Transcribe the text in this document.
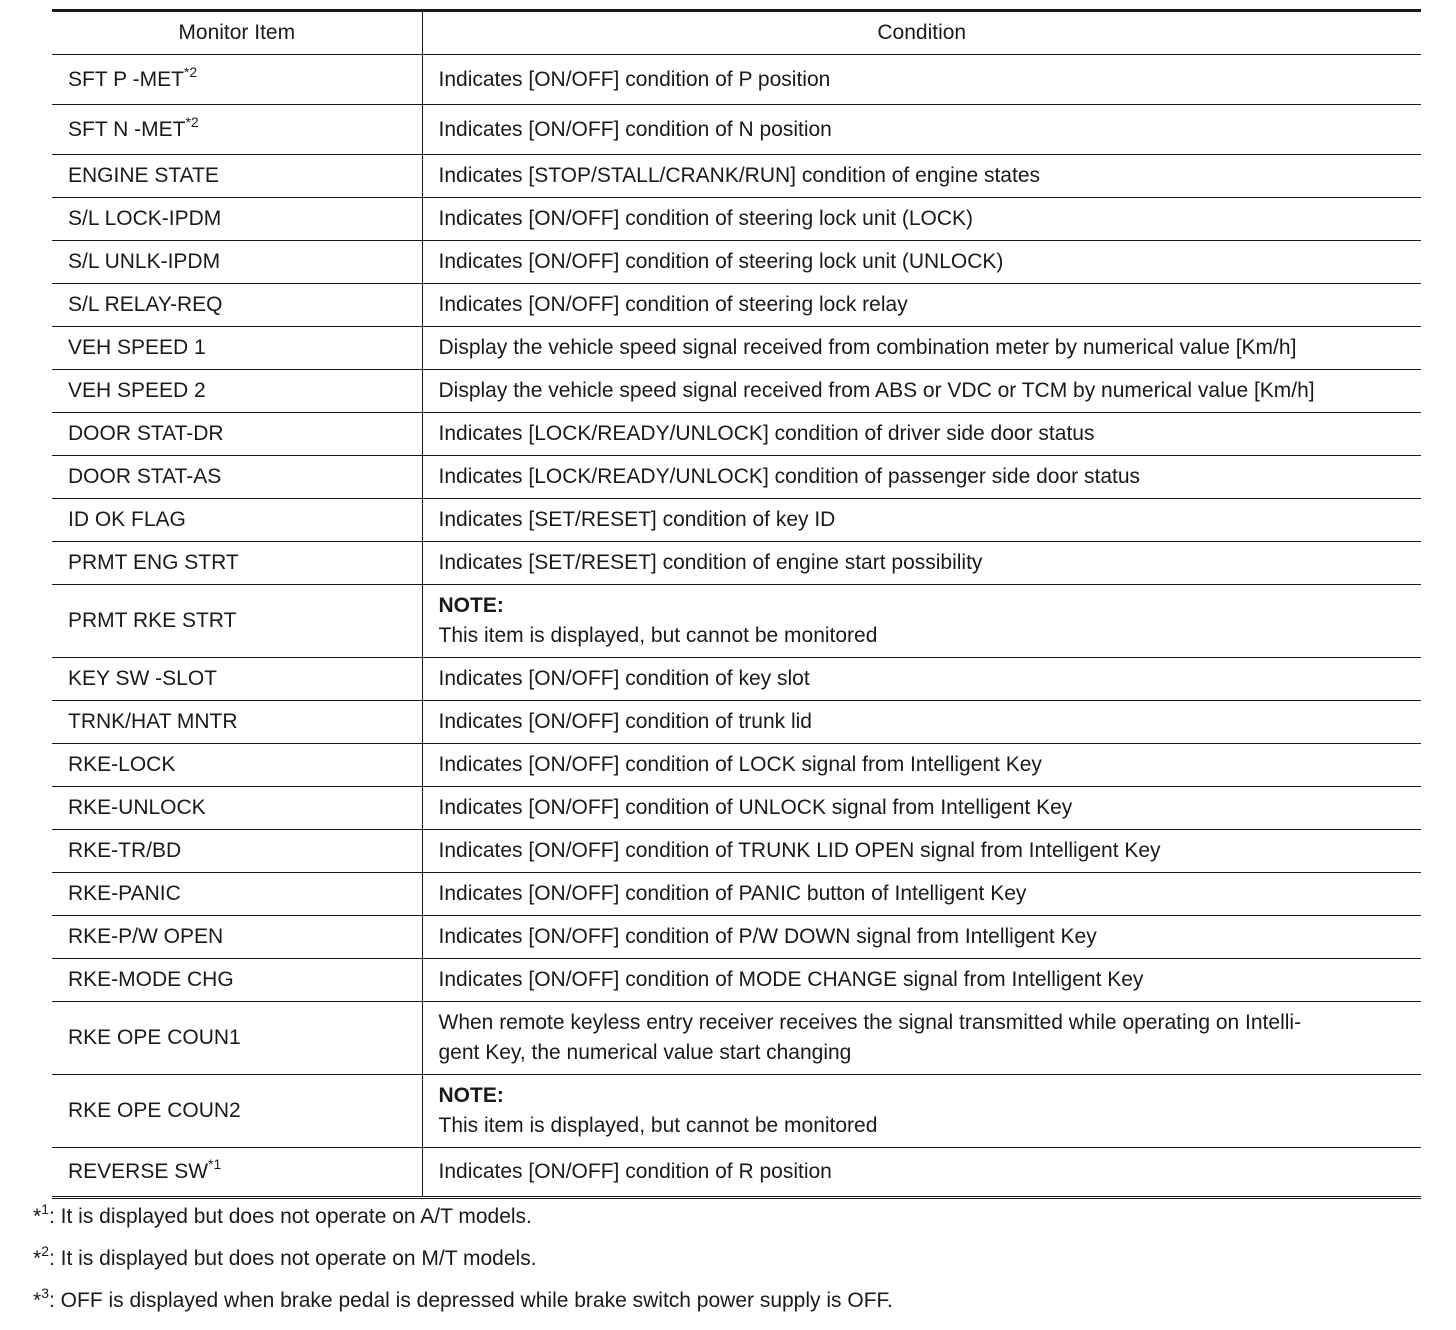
Monitor Item	Condition
SFT P -MET$^{*2}$	Indicates [ON/OFF] condition of P position
SFT N -MET$^{*2}$	Indicates [ON/OFF] condition of N position
ENGINE STATE	Indicates [STOP/STALL/CRANK/RUN] condition of engine states
S/L LOCK-IPDM	Indicates [ON/OFF] condition of steering lock unit (LOCK)
S/L UNLK-IPDM	Indicates [ON/OFF] condition of steering lock unit (UNLOCK)
S/L RELAY-REQ	Indicates [ON/OFF] condition of steering lock relay
VEH SPEED 1	Display the vehicle speed signal received from combination meter by numerical value [Km/h]
VEH SPEED 2	Display the vehicle speed signal received from ABS or VDC or TCM by numerical value [Km/h]
DOOR STAT-DR	Indicates [LOCK/READY/UNLOCK] condition of driver side door status
DOOR STAT-AS	Indicates [LOCK/READY/UNLOCK] condition of passenger side door status
ID OK FLAG	Indicates [SET/RESET] condition of key ID
PRMT ENG STRT	Indicates [SET/RESET] condition of engine start possibility
PRMT RKE STRT	NOTE:
This item is displayed, but cannot be monitored

KEY SW -SLOT	Indicates [ON/OFF] condition of key slot
TRNK/HAT MNTR	Indicates [ON/OFF] condition of trunk lid
RKE-LOCK	Indicates [ON/OFF] condition of LOCK signal from Intelligent Key
RKE-UNLOCK	Indicates [ON/OFF] condition of UNLOCK signal from Intelligent Key
RKE-TR/BD	Indicates [ON/OFF] condition of TRUNK LID OPEN signal from Intelligent Key
RKE-PANIC	Indicates [ON/OFF] condition of PANIC button of Intelligent Key
RKE-P/W OPEN	Indicates [ON/OFF] condition of P/W DOWN signal from Intelligent Key
RKE-MODE CHG	Indicates [ON/OFF] condition of MODE CHANGE signal from Intelligent Key
RKE OPE COUN1	When remote keyless entry receiver receives the signal transmitted while operating on Intelli-
gent Key, the numerical value start changing

RKE OPE COUN2	NOTE:
This item is displayed, but cannot be monitored

REVERSE SW$^{*1}$	Indicates [ON/OFF] condition of R position
*$^1$: It is displayed but does not operate on A/T models.
*$^2$: It is displayed but does not operate on M/T models.
*$^3$: OFF is displayed when brake pedal is depressed while brake switch power supply is OFF.
